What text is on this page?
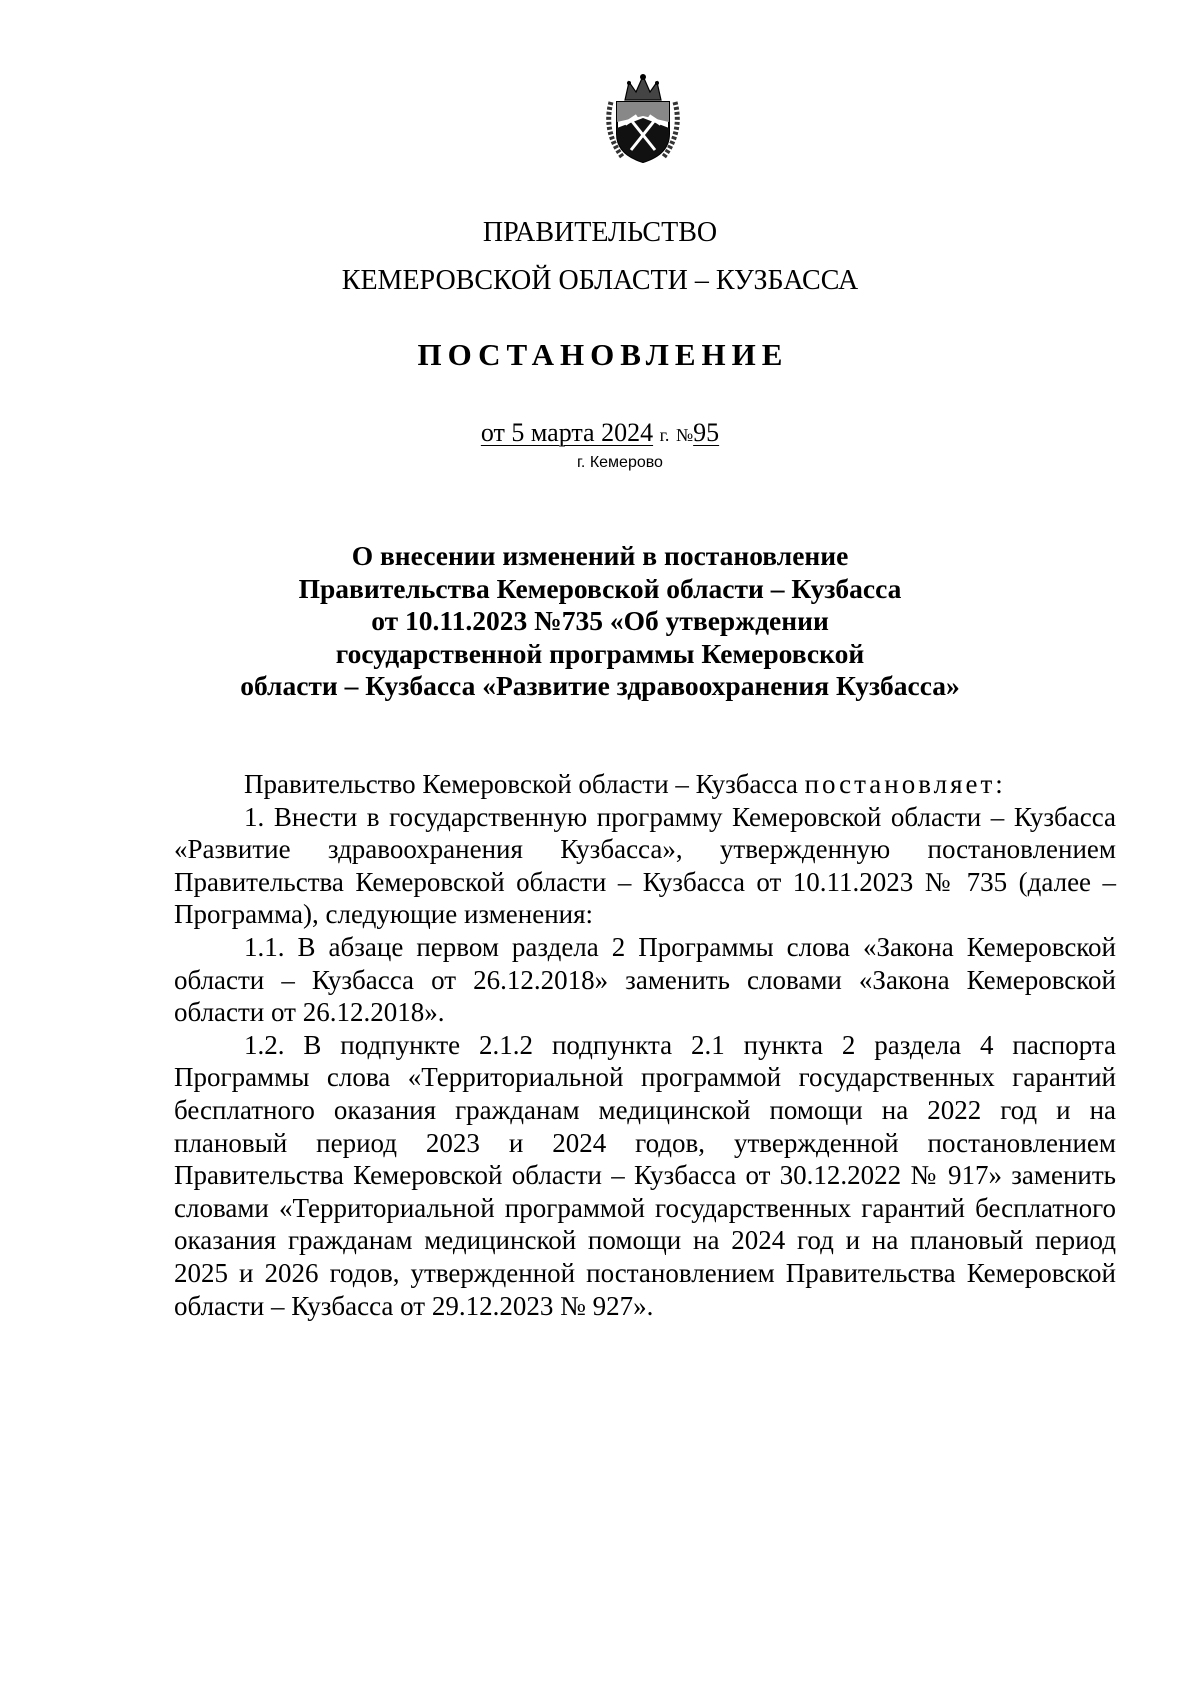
ПРАВИТЕЛЬСТВО
КЕМЕРОВСКОЙ ОБЛАСТИ – КУЗБАССА
ПОСТАНОВЛЕНИЕ
от 5 марта 2024 г. №95
г. Кемерово
О внесении изменений в постановление
Правительства Кемеровской области – Кузбасса
от 10.11.2023 №735 «Об утверждении
государственной программы Кемеровской
области – Кузбасса «Развитие здравоохранения Кузбасса»

Правительство Кемеровской области – Кузбасса постановляет:

1. Внести в государственную программу Кемеровской области – Кузбасса «Развитие здравоохранения Кузбасса», утвержденную постановлением Правительства Кемеровской области – Кузбасса от 10.11.2023 № 735 (далее – Программа), следующие изменения:

1.1. В абзаце первом раздела 2 Программы слова «Закона Кемеровской области – Кузбасса от 26.12.2018» заменить словами «Закона Кемеровской области от 26.12.2018».

1.2. В подпункте 2.1.2 подпункта 2.1 пункта 2 раздела 4 паспорта Программы слова «Территориальной программой государственных гарантий бесплатного оказания гражданам медицинской помощи на 2022 год и на плановый период 2023 и 2024 годов, утвержденной постановлением Правительства Кемеровской области – Кузбасса от 30.12.2022 № 917» заменить словами «Территориальной программой государственных гарантий бесплатного оказания гражданам медицинской помощи на 2024 год и на плановый период 2025 и 2026 годов, утвержденной постановлением Правительства Кемеровской области – Кузбасса от 29.12.2023 № 927».
